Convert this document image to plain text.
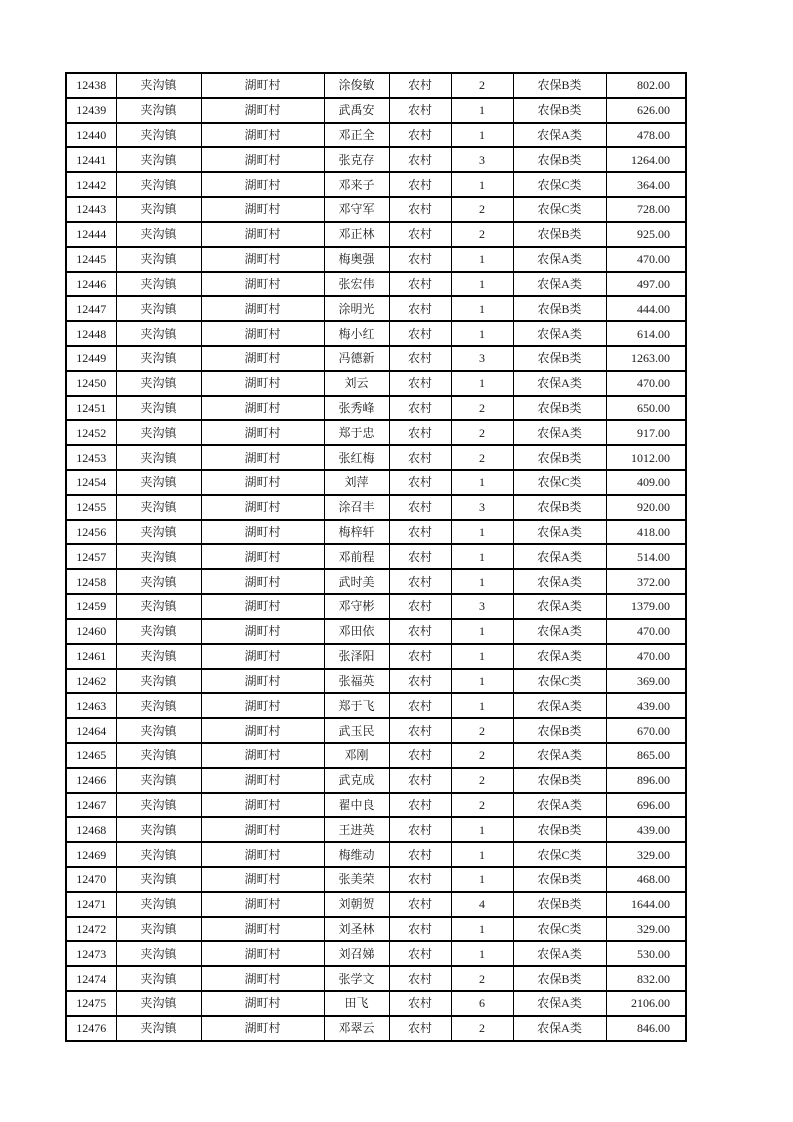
12438	夹沟镇	湖町村	涂俊敏	农村	2	农保B类	802.00
12439	夹沟镇	湖町村	武禹安	农村	1	农保B类	626.00
12440	夹沟镇	湖町村	邓正全	农村	1	农保A类	478.00
12441	夹沟镇	湖町村	张克存	农村	3	农保B类	1264.00
12442	夹沟镇	湖町村	邓来子	农村	1	农保C类	364.00
12443	夹沟镇	湖町村	邓守军	农村	2	农保C类	728.00
12444	夹沟镇	湖町村	邓正林	农村	2	农保B类	925.00
12445	夹沟镇	湖町村	梅奥强	农村	1	农保A类	470.00
12446	夹沟镇	湖町村	张宏伟	农村	1	农保A类	497.00
12447	夹沟镇	湖町村	涂明光	农村	1	农保B类	444.00
12448	夹沟镇	湖町村	梅小红	农村	1	农保A类	614.00
12449	夹沟镇	湖町村	冯德新	农村	3	农保B类	1263.00
12450	夹沟镇	湖町村	刘云	农村	1	农保A类	470.00
12451	夹沟镇	湖町村	张秀峰	农村	2	农保B类	650.00
12452	夹沟镇	湖町村	郑于忠	农村	2	农保A类	917.00
12453	夹沟镇	湖町村	张红梅	农村	2	农保B类	1012.00
12454	夹沟镇	湖町村	刘萍	农村	1	农保C类	409.00
12455	夹沟镇	湖町村	涂召丰	农村	3	农保B类	920.00
12456	夹沟镇	湖町村	梅梓轩	农村	1	农保A类	418.00
12457	夹沟镇	湖町村	邓前程	农村	1	农保A类	514.00
12458	夹沟镇	湖町村	武时美	农村	1	农保A类	372.00
12459	夹沟镇	湖町村	邓守彬	农村	3	农保A类	1379.00
12460	夹沟镇	湖町村	邓田依	农村	1	农保A类	470.00
12461	夹沟镇	湖町村	张泽阳	农村	1	农保A类	470.00
12462	夹沟镇	湖町村	张福英	农村	1	农保C类	369.00
12463	夹沟镇	湖町村	郑于飞	农村	1	农保A类	439.00
12464	夹沟镇	湖町村	武玉民	农村	2	农保B类	670.00
12465	夹沟镇	湖町村	邓刚	农村	2	农保A类	865.00
12466	夹沟镇	湖町村	武克成	农村	2	农保B类	896.00
12467	夹沟镇	湖町村	翟中良	农村	2	农保A类	696.00
12468	夹沟镇	湖町村	王进英	农村	1	农保B类	439.00
12469	夹沟镇	湖町村	梅维动	农村	1	农保C类	329.00
12470	夹沟镇	湖町村	张美荣	农村	1	农保B类	468.00
12471	夹沟镇	湖町村	刘朝贺	农村	4	农保B类	1644.00
12472	夹沟镇	湖町村	刘圣林	农村	1	农保C类	329.00
12473	夹沟镇	湖町村	刘召娣	农村	1	农保A类	530.00
12474	夹沟镇	湖町村	张学文	农村	2	农保B类	832.00
12475	夹沟镇	湖町村	田飞	农村	6	农保A类	2106.00
12476	夹沟镇	湖町村	邓翠云	农村	2	农保A类	846.00
